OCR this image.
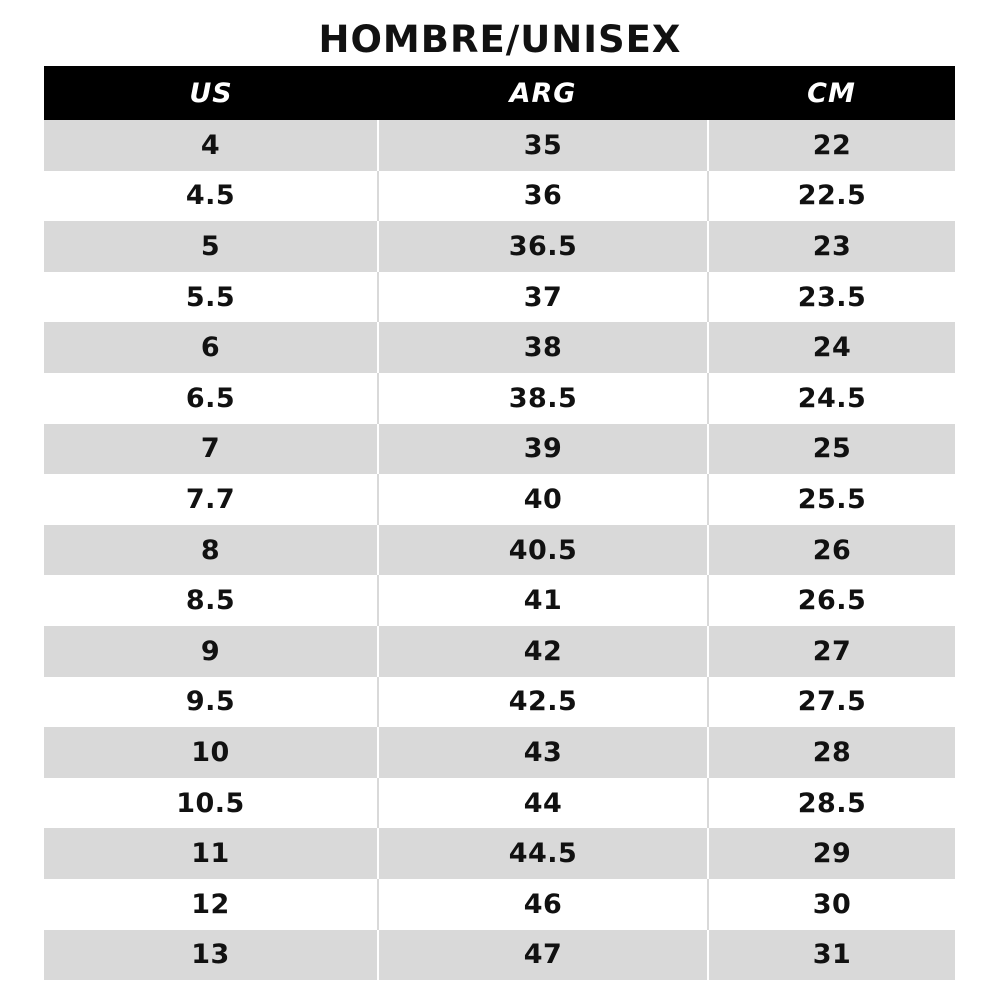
HOMBRE/UNISEX
US	ARG	CM
4	35	22
4.5	36	22.5
5	36.5	23
5.5	37	23.5
6	38	24
6.5	38.5	24.5
7	39	25
7.7	40	25.5
8	40.5	26
8.5	41	26.5
9	42	27
9.5	42.5	27.5
10	43	28
10.5	44	28.5
11	44.5	29
12	46	30
13	47	31
